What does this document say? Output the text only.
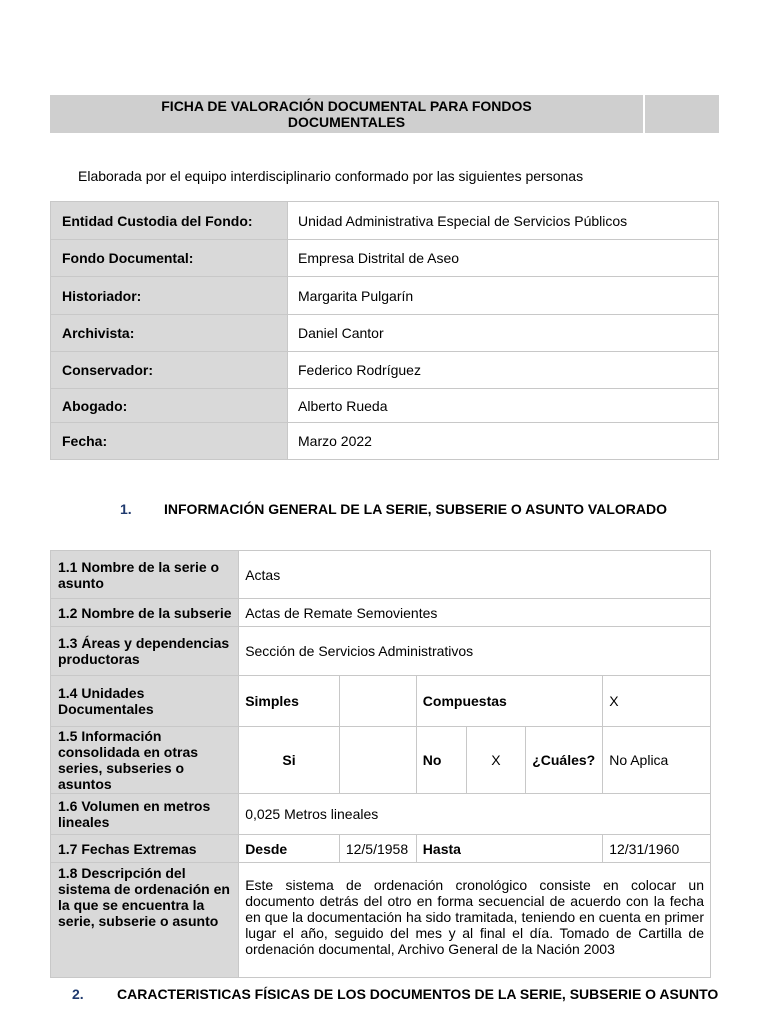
FICHA DE VALORACIÓN DOCUMENTAL PARA FONDOS
DOCUMENTALES

Elaborada por el equipo interdisciplinario conformado por las siguientes personas
Entidad Custodia del Fondo:	Unidad Administrativa Especial de Servicios Públicos
Fondo Documental:	Empresa Distrital de Aseo
Historiador:	Margarita Pulgarín
Archivista:	Daniel Cantor
Conservador:	Federico Rodríguez
Abogado:	Alberto Rueda
Fecha:	Marzo 2022
1. INFORMACIÓN GENERAL DE LA SERIE, SUBSERIE O ASUNTO VALORADO
1.1 Nombre de la serie o asunto	Actas					
1.2 Nombre de la subserie	Actas de Remate Semovientes					
1.3 Áreas y dependencias productoras	Sección de Servicios Administrativos					
1.4 Unidades Documentales	Simples		Compuestas			X
1.5 Información consolidada en otras series, subseries o asuntos	Si		No	X	¿Cuáles?	No Aplica
1.6 Volumen en metros lineales	0,025 Metros lineales					
1.7 Fechas Extremas	Desde	12/5/1958	Hasta			12/31/1960
1.8 Descripción del sistema de ordenación en la que se encuentra la serie, subserie o asunto	Este sistema de ordenación cronológico consiste en colocar un documento detrás del otro en forma secuencial de acuerdo con la fecha en que la documentación ha sido tramitada, teniendo en cuenta en primer lugar el año, seguido del mes y al final el día. Tomado de Cartilla de ordenación documental, Archivo General de la Nación 2003					
2. CARACTERISTICAS FÍSICAS DE LOS DOCUMENTOS DE LA SERIE, SUBSERIE O ASUNTO
